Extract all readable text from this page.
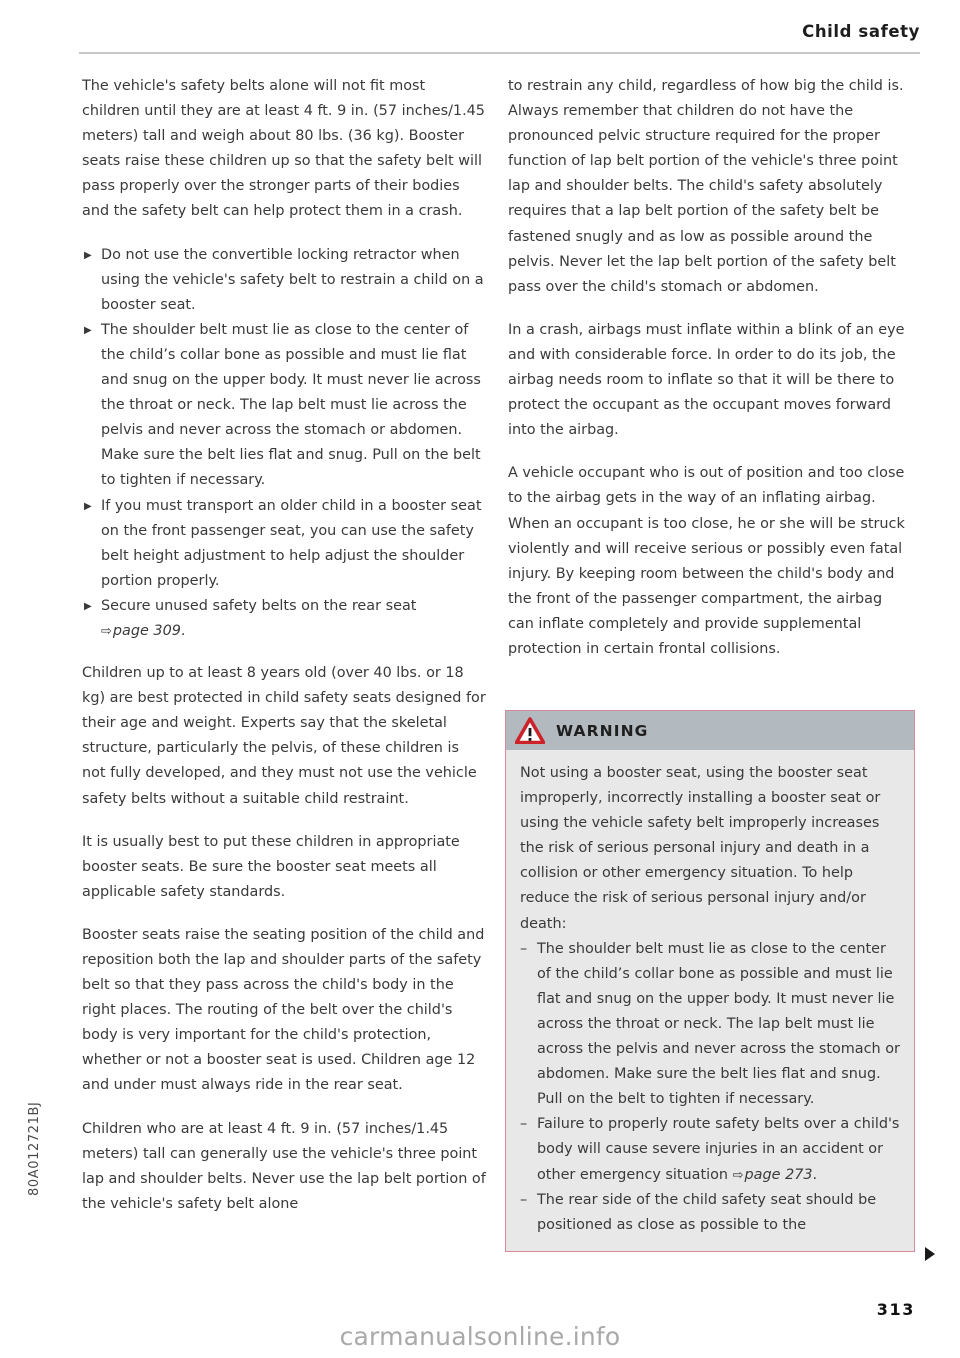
Child safety

The vehicle's safety belts alone will not fit most children until they are at least 4 ft. 9 in. (57 inches/1.45 meters) tall and weigh about 80 lbs. (36 kg). Booster seats raise these children up so that the safety belt will pass properly over the stronger parts of their bodies and the safety belt can help protect them in a crash.

▶ Do not use the convertible locking retractor when using the vehicle's safety belt to restrain a child on a booster seat.
▶ The shoulder belt must lie as close to the center of the child’s collar bone as possible and must lie flat and snug on the upper body. It must never lie across the throat or neck. The lap belt must lie across the pelvis and never across the stomach or abdomen. Make sure the belt lies flat and snug. Pull on the belt to tighten if necessary.
▶ If you must transport an older child in a booster seat on the front passenger seat, you can use the safety belt height adjustment to help adjust the shoulder portion properly.
▶ Secure unused safety belts on the rear seat ⇨page 309.

Children up to at least 8 years old (over 40 lbs. or 18 kg) are best protected in child safety seats designed for their age and weight. Experts say that the skeletal structure, particularly the pelvis, of these children is not fully developed, and they must not use the vehicle safety belts without a suitable child restraint.

It is usually best to put these children in appropriate booster seats. Be sure the booster seat meets all applicable safety standards.

Booster seats raise the seating position of the child and reposition both the lap and shoulder parts of the safety belt so that they pass across the child's body in the right places. The routing of the belt over the child's body is very important for the child's protection, whether or not a booster seat is used. Children age 12 and under must always ride in the rear seat.

Children who are at least 4 ft. 9 in. (57 inches/1.45 meters) tall can generally use the vehicle's three point lap and shoulder belts. Never use the lap belt portion of the vehicle's safety belt alone

to restrain any child, regardless of how big the child is. Always remember that children do not have the pronounced pelvic structure required for the proper function of lap belt portion of the vehicle's three point lap and shoulder belts. The child's safety absolutely requires that a lap belt portion of the safety belt be fastened snugly and as low as possible around the pelvis. Never let the lap belt portion of the safety belt pass over the child's stomach or abdomen.

In a crash, airbags must inflate within a blink of an eye and with considerable force. In order to do its job, the airbag needs room to inflate so that it will be there to protect the occupant as the occupant moves forward into the airbag.

A vehicle occupant who is out of position and too close to the airbag gets in the way of an inflating airbag. When an occupant is too close, he or she will be struck violently and will receive serious or possibly even fatal injury. By keeping room between the child's body and the front of the passenger compartment, the airbag can inflate completely and provide supplemental protection in certain frontal collisions.

WARNING

Not using a booster seat, using the booster seat improperly, incorrectly installing a booster seat or using the vehicle safety belt improperly increases the risk of serious personal injury and death in a collision or other emergency situation. To help reduce the risk of serious personal injury and/or death:

– The shoulder belt must lie as close to the center of the child’s collar bone as possible and must lie flat and snug on the upper body. It must never lie across the throat or neck. The lap belt must lie across the pelvis and never across the stomach or abdomen. Make sure the belt lies flat and snug. Pull on the belt to tighten if necessary.
– Failure to properly route safety belts over a child's body will cause severe injuries in an accident or other emergency situation ⇨page 273.
– The rear side of the child safety seat should be positioned as close as possible to the
80A012721BJ
313
carmanualsonline.info
